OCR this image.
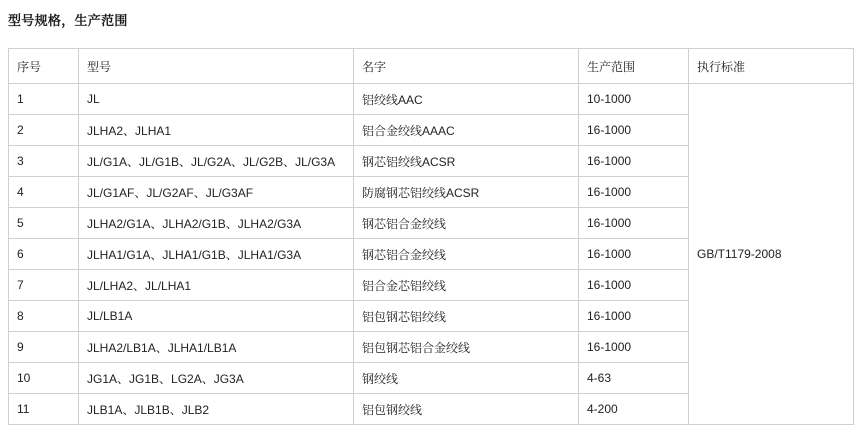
型号规格，生产范围
序号	型号	名字	生产范围	执行标准
1	JL	铝绞线AAC	10-1000	GB/T1179-2008
2	JLHA2、JLHA1	铝合金绞线AAAC	16-1000	
3	JL/G1A、JL/G1B、JL/G2A、JL/G2B、JL/G3A	钢芯铝绞线ACSR	16-1000	
4	JL/G1AF、JL/G2AF、JL/G3AF	防腐钢芯铝绞线ACSR	16-1000	
5	JLHA2/G1A、JLHA2/G1B、JLHA2/G3A	钢芯铝合金绞线	16-1000	
6	JLHA1/G1A、JLHA1/G1B、JLHA1/G3A	钢芯铝合金绞线	16-1000	
7	JL/LHA2、JL/LHA1	铝合金芯铝绞线	16-1000	
8	JL/LB1A	铝包钢芯铝绞线	16-1000	
9	JLHA2/LB1A、JLHA1/LB1A	铝包钢芯铝合金绞线	16-1000	
10	JG1A、JG1B、LG2A、JG3A	钢绞线	4-63	
11	JLB1A、JLB1B、JLB2	铝包钢绞线	4-200	
